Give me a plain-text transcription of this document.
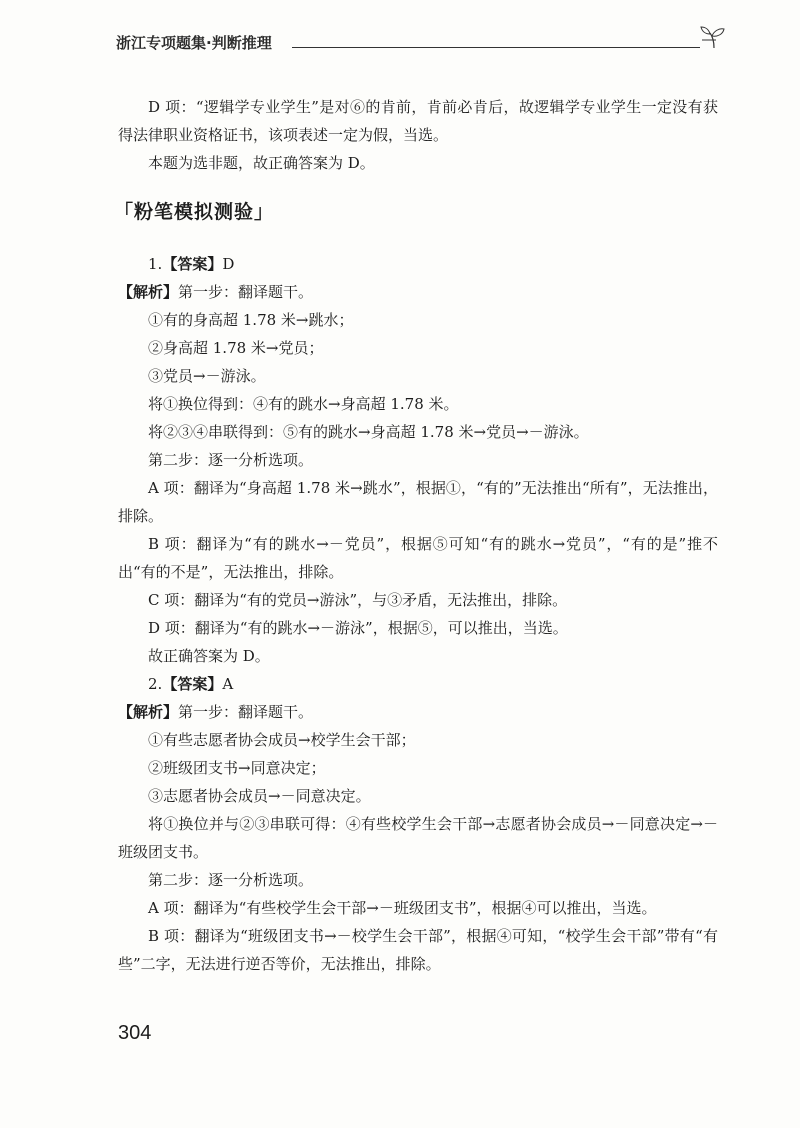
浙江专项题集·判断推理

D 项：“逻辑学专业学生”是对⑥的肯前，肯前必肯后，故逻辑学专业学生一定没有获得法律职业资格证书，该项表述一定为假，当选。

本题为选非题，故正确答案为 D。

「粉笔模拟测验」

1.【答案】D

【解析】第一步：翻译题干。

①有的身高超 1.78 米→跳水；

②身高超 1.78 米→党员；

③党员→－游泳。

将①换位得到：④有的跳水→身高超 1.78 米。

将②③④串联得到：⑤有的跳水→身高超 1.78 米→党员→－游泳。

第二步：逐一分析选项。

A 项：翻译为“身高超 1.78 米→跳水”，根据①，“有的”无法推出“所有”，无法推出，排除。

B 项：翻译为“有的跳水→－党员”，根据⑤可知“有的跳水→党员”，“有的是”推不出“有的不是”，无法推出，排除。

C 项：翻译为“有的党员→游泳”，与③矛盾，无法推出，排除。

D 项：翻译为“有的跳水→－游泳”，根据⑤，可以推出，当选。

故正确答案为 D。

2.【答案】A

【解析】第一步：翻译题干。

①有些志愿者协会成员→校学生会干部；

②班级团支书→同意决定；

③志愿者协会成员→－同意决定。

将①换位并与②③串联可得：④有些校学生会干部→志愿者协会成员→－同意决定→－班级团支书。

第二步：逐一分析选项。

A 项：翻译为“有些校学生会干部→－班级团支书”，根据④可以推出，当选。

B 项：翻译为“班级团支书→－校学生会干部”，根据④可知，“校学生会干部”带有“有些”二字，无法进行逆否等价，无法推出，排除。

304
